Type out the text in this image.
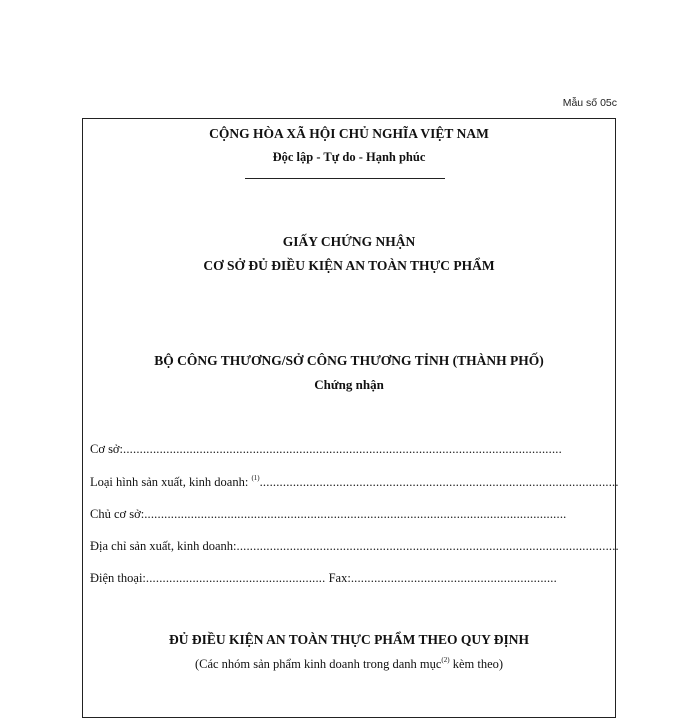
Mẫu số 05c
CỘNG HÒA XÃ HỘI CHỦ NGHĨA VIỆT NAM
Độc lập - Tự do - Hạnh phúc
GIẤY CHỨNG NHẬN
CƠ SỞ ĐỦ ĐIỀU KIỆN AN TOÀN THỰC PHẨM
BỘ CÔNG THƯƠNG/SỞ CÔNG THƯƠNG TỈNH (THÀNH PHỐ)
Chứng nhận
Cơ sở:....................................................................................................................................
Loại hình sản xuất, kinh doanh: $^{(1)}$............................................................................................................
Chủ cơ sở:...............................................................................................................................
Địa chỉ sản xuất, kinh doanh:...................................................................................................................
Điện thoại:...................................................... Fax:..............................................................
ĐỦ ĐIỀU KIỆN AN TOÀN THỰC PHẨM THEO QUY ĐỊNH
(Các nhóm sản phẩm kinh doanh trong danh mục$^{(2)}$ kèm theo)
